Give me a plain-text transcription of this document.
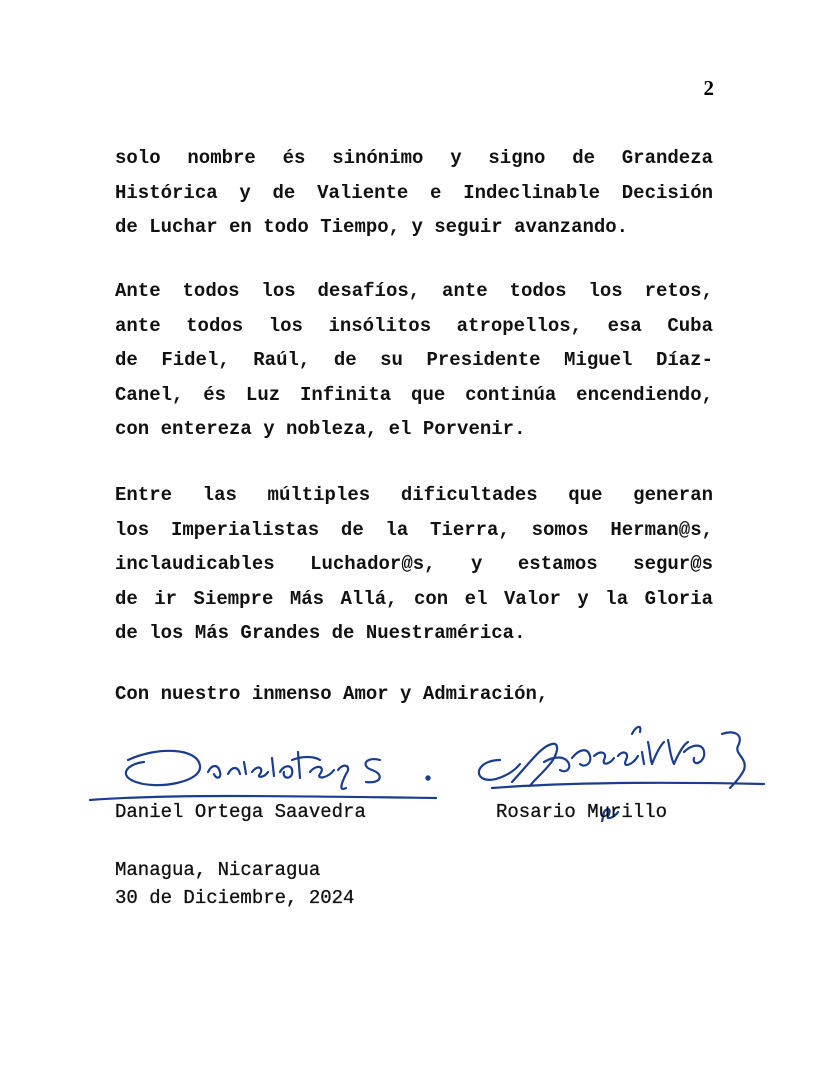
2

solo nombre és sinónimo y signo de Grandeza
Histórica y de Valiente e Indeclinable Decisión
de Luchar en todo Tiempo, y seguir avanzando.

Ante todos los desafíos, ante todos los retos,
ante todos los insólitos atropellos, esa Cuba
de Fidel, Raúl, de su Presidente Miguel Díaz-
Canel, és Luz Infinita que continúa encendiendo,
con entereza y nobleza, el Porvenir.

Entre las múltiples dificultades que generan
los Imperialistas de la Tierra, somos Herman@s,
inclaudicables Luchador@s, y estamos segur@s
de ir Siempre Más Allá, con el Valor y la Gloria
de los Más Grandes de Nuestramérica.

Con nuestro inmenso Amor y Admiración,

Daniel Ortega Saavedra	Rosario Murillo
Managua, Nicaragua
30 de Diciembre, 2024
